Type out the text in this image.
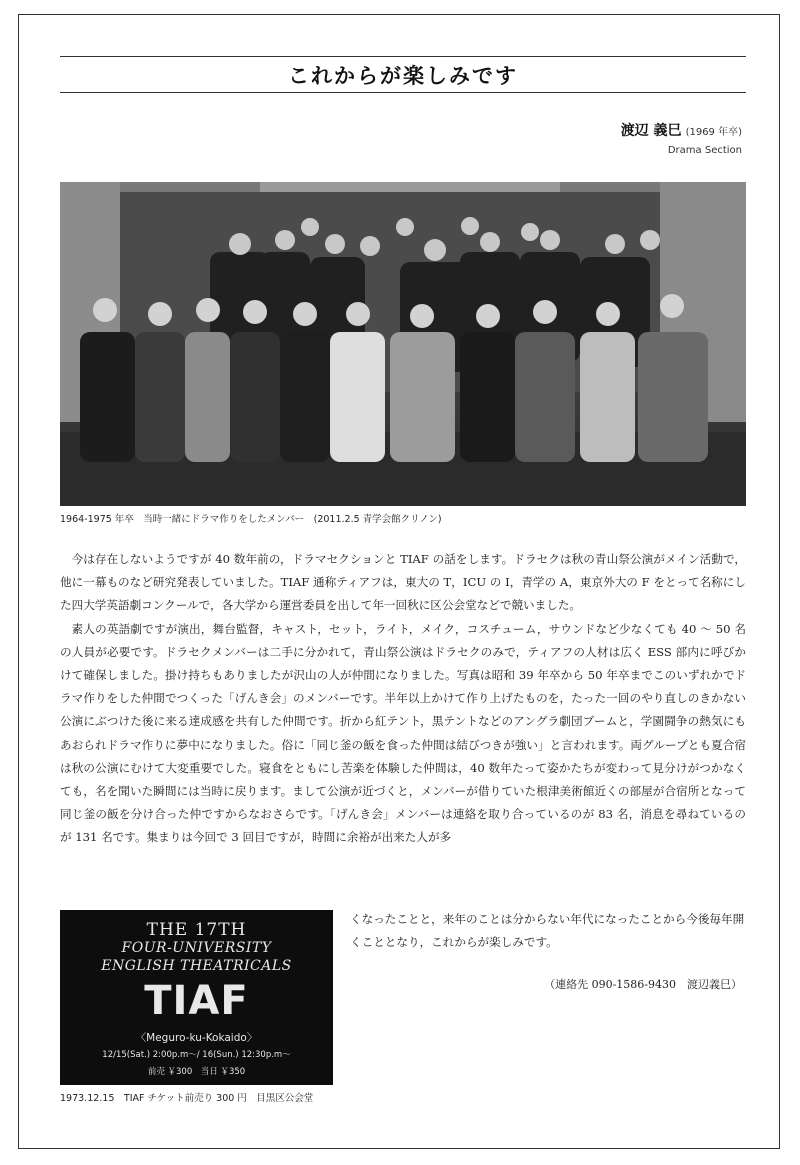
これからが楽しみです
渡辺 義巳 (1969 年卒)
Drama Section
1964-1975 年卒　当時一緒にドラマ作りをしたメンバー　(2011.2.5 青学会館クリノン)

今は存在しないようですが 40 数年前の，ドラマセクションと TIAF の話をします。ドラセクは秋の青山祭公演がメイン活動で，他に一幕ものなど研究発表していました。TIAF 通称ティアフは，東大の T，ICU の I，青学の A，東京外大の F をとって名称にした四大学英語劇コンクールで，各大学から運営委員を出して年一回秋に区公会堂などで競いました。

素人の英語劇ですが演出，舞台監督，キャスト，セット，ライト，メイク，コスチューム，サウンドなど少なくても 40 ～ 50 名の人員が必要です。ドラセクメンバーは二手に分かれて，青山祭公演はドラセクのみで，ティアフの人材は広く ESS 部内に呼びかけて確保しました。掛け持ちもありましたが沢山の人が仲間になりました。写真は昭和 39 年卒から 50 年卒までこのいずれかでドラマ作りをした仲間でつくった「げんき会」のメンバーです。半年以上かけて作り上げたものを，たった一回のやり直しのきかない公演にぶつけた後に来る達成感を共有した仲間です。折から紅テント，黒テントなどのアングラ劇団ブームと，学園闘争の熱気にもあおられドラマ作りに夢中になりました。俗に「同じ釜の飯を食った仲間は結びつきが強い」と言われます。両グループとも夏合宿は秋の公演にむけて大変重要でした。寝食をともにし苦楽を体験した仲間は，40 数年たって姿かたちが変わって見分けがつかなくても，名を聞いた瞬間には当時に戻ります。まして公演が近づくと，メンバーが借りていた根津美術館近くの部屋が合宿所となって同じ釜の飯を分け合った仲ですからなおさらです。「げんき会」メンバーは連絡を取り合っているのが 83 名，消息を尋ねているのが 131 名です。集まりは今回で 3 回目ですが，時間に余裕が出来た人が多

THE 17TH
FOUR-UNIVERSITY
ENGLISH THEATRICALS
TIAF
〈Meguro-ku-Kokaido〉
12/15(Sat.) 2:00p.m～/ 16(Sun.) 12:30p.m～
前売 ￥300　当日 ￥350
1973.12.15　TIAF チケット前売り 300 円　目黒区公会堂

くなったことと，来年のことは分からない年代になったことから今後毎年開くこととなり，これからが楽しみです。

（連絡先 090-1586-9430　渡辺義巳）
